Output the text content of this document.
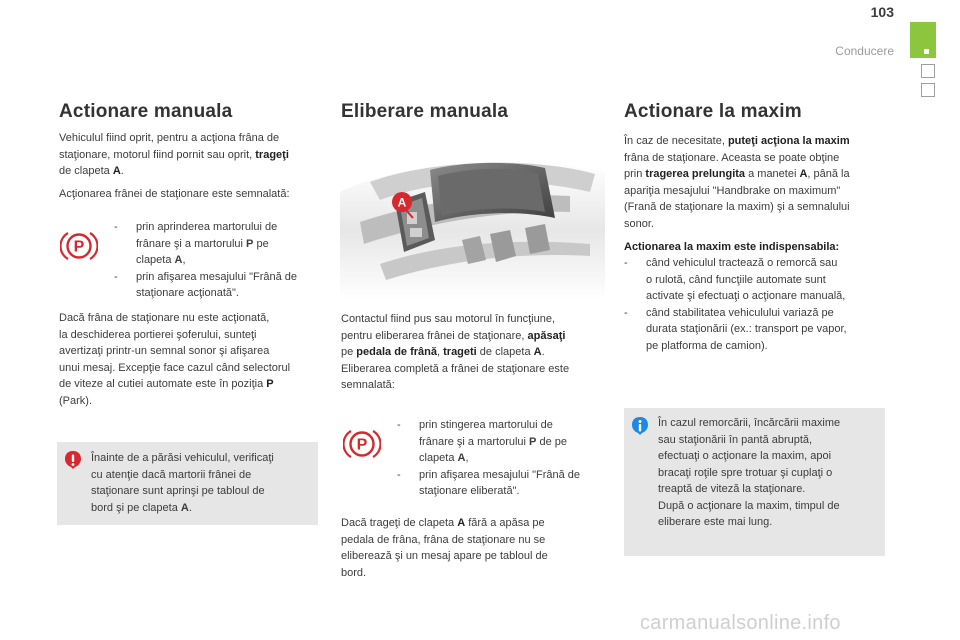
103
Conducere
Actionare manuala
Vehiculul fiind oprit, pentru a acţiona frâna de
staţionare, motorul fiind pornit sau oprit, trageţi
de clapeta A.
Acţionarea frânei de staţionare este semnalată:
P
- prin aprinderea martorului de
frânare şi a martorului P pe
clapeta A,
- prin afişarea mesajului "Frână de
staţionare acţionată".
Dacă frâna de staţionare nu este acţionată,
la deschiderea portierei şoferului, sunteţi
avertizaţi printr-un semnal sonor şi afişarea
unui mesaj. Excepţie face cazul când selectorul
de viteze al cutiei automate este în poziţia P
(Park).
Înainte de a părăsi vehiculul, verificaţi
cu atenţie dacă martorii frânei de
staţionare sunt aprinşi pe tabloul de
bord şi pe clapeta A.
Eliberare manuala
A
Contactul fiind pus sau motorul în funcţiune,
pentru eliberarea frânei de staţionare, apăsaţi
pe pedala de frână, trageti de clapeta A.
Eliberarea completă a frânei de staţionare este
semnalată:
P
- prin stingerea martorului de
frânare şi a martorului P de pe
clapeta A,
- prin afişarea mesajului "Frână de
staţionare eliberată".
Dacă trageţi de clapeta A fără a apăsa pe
pedala de frâna, frâna de staţionare nu se
eliberează şi un mesaj apare pe tabloul de
bord.
Actionare la maxim
În caz de necesitate, puteţi acţiona la maxim
frâna de staţionare. Aceasta se poate obţine
prin tragerea prelungita a manetei A, până la
apariţia mesajului "Handbrake on maximum"
(Frană de staţionare la maxim) şi a semnalului
sonor.
Actionarea la maxim este indispensabila:
- când vehiculul tractează o remorcă sau
o rulotă, când funcţiile automate sunt
activate şi efectuaţi o acţionare manuală,
- când stabilitatea vehiculului variază pe
durata staţionării (ex.: transport pe vapor,
pe platforma de camion).
În cazul remorcării, încărcării maxime
sau staţionării în pantă abruptă,
efectuaţi o acţionare la maxim, apoi
bracaţi roţile spre trotuar şi cuplaţi o
treaptă de viteză la staţionare.
După o acţionare la maxim, timpul de
eliberare este mai lung.
carmanualsonline.info
